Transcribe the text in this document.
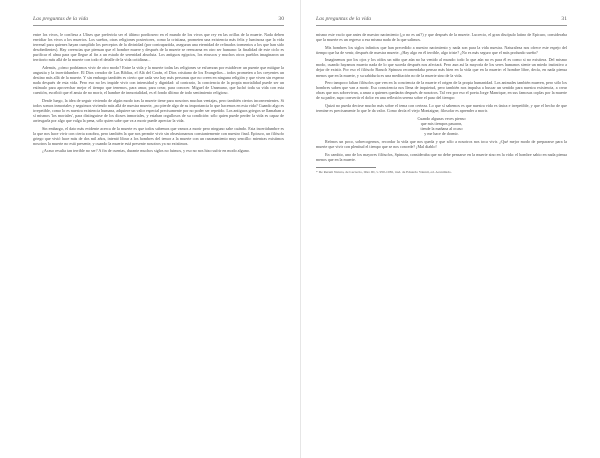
Las preguntas de la vida	30

entre los vivos, le confiesa a Ulises que preferiría ser el último pordiosero en el mundo de los vivos que rey en las orillas de la muerte. Nada deben envidiar los vivos a los muertos. Los sueños, otras religiones posteriores, como la cristiana, prometen una existencia más feliz y luminosa que la vida terrenal para quienes hayan cumplido los preceptos de la divinidad (por contrapartida, aseguran una eternidad de refinados tormentos a los que han sido desobedientes). Hay creencias que piensan que el hombre muere y después de la muerte se reencarna en otro ser humano: la finalidad de este ciclo es purificar el alma para que llegue al fin a un estado de serenidad absoluta. Los antiguos egipcios, los etruscos y muchos otros pueblos imaginaron un territorio más allá de la muerte con todo el detalle de la vida cotidiana...

Además, ¿cómo podríamos vivir de otro modo? Entre la vida y la muerte todas las religiones se esfuerzan por establecer un puente que mitigue la angustia y la incertidumbre. El Dios creador de Las Biblias, el Alá del Corán, el Dios cristiano de los Evangelios... todos prometen a los creyentes un destino más allá de la muerte. Y sin embargo también es cierto que cada vez hay más personas que no creen en ninguna religión y que viven sin esperar nada después de esta vida. Pero eso no les impide vivir con intensidad y dignidad: al contrario, la conciencia de la propia mortalidad puede ser un estímulo para aprovechar mejor el tiempo que tenemos, para amar, para crear, para conocer. Miguel de Unamuno, que luchó toda su vida con esta cuestión, escribió que el ansia de no morir, el hambre de inmortalidad, es el fondo último de todo sentimiento religioso.

Desde luego, la idea de seguir viviendo de algún modo tras la muerte tiene para nosotros muchas ventajas, pero también ciertos inconvenientes. Si todos somos inmortales y seguimos viviendo más allá de nuestra muerte, ¿no pierde algo de su importancia lo que hacemos en esta vida? Cuando algo es irrepetible, como lo es nuestra existencia humana, adquiere un valor especial precisamente por no poder ser repetido. Los antiguos griegos se llamaban a sí mismos 'los mortales', para distinguirse de los dioses inmortales, y estaban orgullosos de su condición: sólo quien puede perder la vida es capaz de arriesgarla por algo que valga la pena, sólo quien sabe que va a morir puede apreciar la vida.

Sin embargo, el dato más evidente acerca de la muerte es que todos sabemos que vamos a morir pero ninguno sabe cuándo. Esta incertidumbre es la que nos hace vivir con cierta zozobra, pero también la que nos permite vivir sin obsesionarnos constantemente con nuestro final. Epicuro, un filósofo griego que vivió hace más de dos mil años, intentó librar a los hombres del temor a la muerte con un razonamiento muy sencillo: mientras existimos nosotros la muerte no está presente, y cuando la muerte está presente nosotros ya no existimos.

¿Acaso resulta tan terrible no ser? A fin de cuentas, durante muchos siglos no fuimos, y eso no nos hizo sufrir en modo alguno.

Las preguntas de la vida	31

mismo este vacío que antes de nuestro nacimiento (¿o no es así?) y que después de la muerte. Lucrecio, el gran discípulo latino de Epicuro, consideraba que la muerte es un regreso a esa misma nada de la que salimos.

Mis hombres los siglos infinitos que han precedido a nuestro nacimiento y nada son para la vida nuestra. Naturaleza nos ofrece este espejo del tiempo que ha de venir, después de nuestra muerte. ¿Hay algo en él terrible, algo triste? ¿No es más seguro que el más profundo sueño?

Imaginemos por los ojos y los oídos un niño que aún no ha venido al mundo: todo lo que aún no es para él es como si no existiera. Del mismo modo, cuando hayamos muerto nada de lo que suceda después nos afectará. Pero aun así la mayoría de los seres humanos siente un miedo instintivo a dejar de existir. Por eso el filósofo Baruch Spinoza recomendaba pensar más bien en la vida que en la muerte: el hombre libre, decía, en nada piensa menos que en la muerte, y su sabiduría es una meditación no de la muerte sino de la vida.

Pero tampoco faltan filósofos que ven en la conciencia de la muerte el origen de la propia humanidad. Los animales también mueren, pero sólo los hombres saben que van a morir. Esa consciencia nos llena de inquietud, pero también nos impulsa a buscar un sentido para nuestra existencia, a crear obras que nos sobrevivan, a amar a quienes quedarán después de nosotros. Tal vez por eso el poeta Jorge Manrique, en sus famosas coplas por la muerte de su padre, supo convertir el dolor en una reflexión serena sobre el paso del tiempo:

Quizá no pueda decirse mucho más sobre el tema con certeza. Lo que sí sabemos es que nuestra vida es única e irrepetible, y que el hecho de que termine es precisamente lo que le da valor. Como decía el viejo Montaigne, filosofar es aprender a morir.

Cuando algunas veces pienso
que mis tiempos pasaron,
tiende la mañana al ocaso
y me hace de dormir.

Reírnos un poco, sobrecogernos, recordar la vida que nos queda y que sólo a nosotros nos toca vivir. ¿Qué mejor modo de prepararse para la muerte que vivir con plenitud el tiempo que se nos concede? ¡Mal diablo!

En cambio, uno de los mayores filósofos, Spinoza, consideraba que no debe pensarse en la muerte sino en la vida: el hombre sabio en nada piensa menos que en la muerte.

* De Rerum Natura, de Lucrecio, libro III, v. 950-1036, trad. de Eduardo Valentí, ed. Acantilado.
